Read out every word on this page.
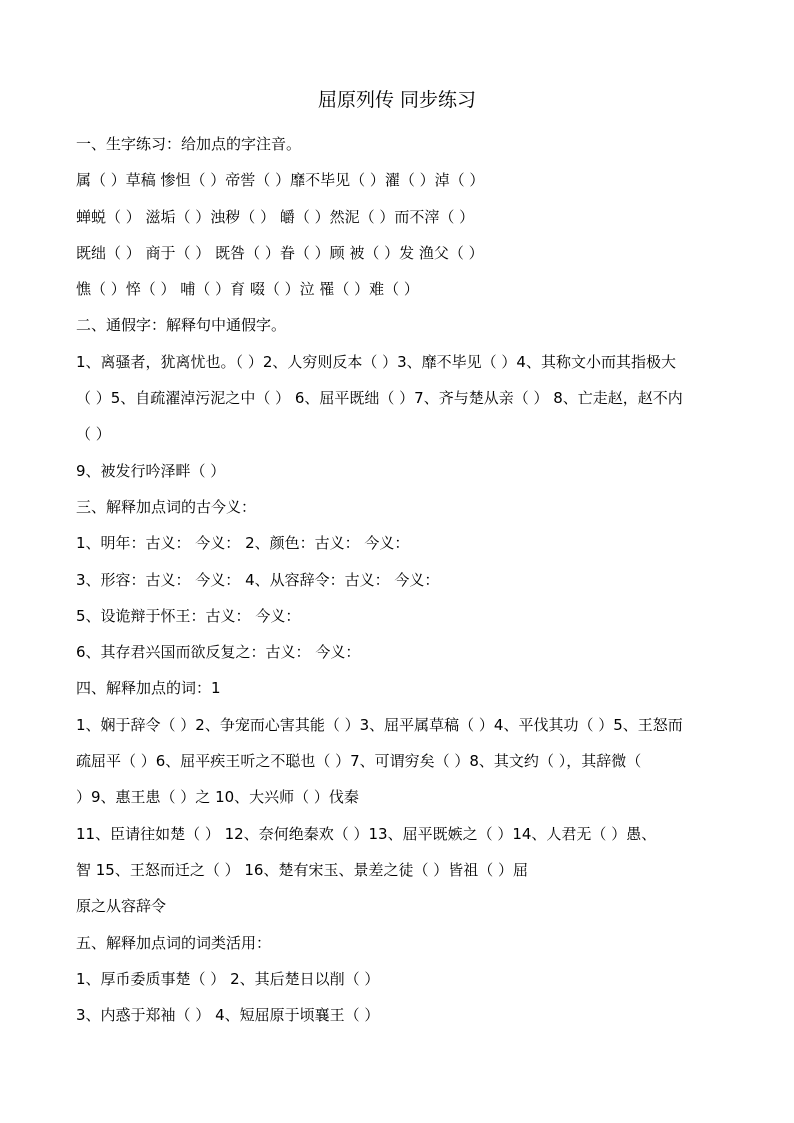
屈原列传 同步练习
一、生字练习：给加点的字注音。
属（ ）草稿 惨怛（ ）帝喾（ ）靡不毕见（ ）濯（ ）淖（ ）
蝉蜕（ ） 滋垢（ ）浊秽（ ） 皭（ ）然泥（ ）而不滓（ ）
既绌（ ） 商于（ ） 既咎（ ）眷（ ）顾 被（ ）发 渔父（ ）
憔（ ）悴（ ） 哺（ ）育 啜（ ）泣 罹（ ）难（ ）
二、通假字：解释句中通假字。
1、离骚者，犹离忧也。（ ）2、人穷则反本（ ）3、靡不毕见（ ）4、其称文小而其指极大
（ ）5、自疏濯淖污泥之中（ ） 6、屈平既绌（ ）7、齐与楚从亲（ ） 8、亡走赵，赵不内
（ ）
9、被发行吟泽畔（ ）
三、解释加点词的古今义：
1、明年：古义： 今义： 2、颜色：古义： 今义：
3、形容：古义： 今义： 4、从容辞令：古义： 今义：
5、设诡辩于怀王：古义： 今义：
6、其存君兴国而欲反复之：古义： 今义：
四、解释加点的词：1
1、娴于辞令（ ）2、争宠而心害其能（ ）3、屈平属草稿（ ）4、平伐其功（ ）5、王怒而
疏屈平（ ）6、屈平疾王听之不聪也（ ）7、可谓穷矣（ ）8、其文约（ ），其辞微（
）9、惠王患（ ）之 10、大兴师（ ）伐秦
11、臣请往如楚（ ） 12、奈何绝秦欢（ ）13、屈平既嫉之（ ）14、人君无（ ）愚、
智 15、王怒而迁之（ ） 16、楚有宋玉、景差之徒（ ）皆祖（ ）屈
原之从容辞令
五、解释加点词的词类活用：
1、厚币委质事楚（ ） 2、其后楚日以削（ ）
3、内惑于郑袖（ ） 4、短屈原于顷襄王（ ）
